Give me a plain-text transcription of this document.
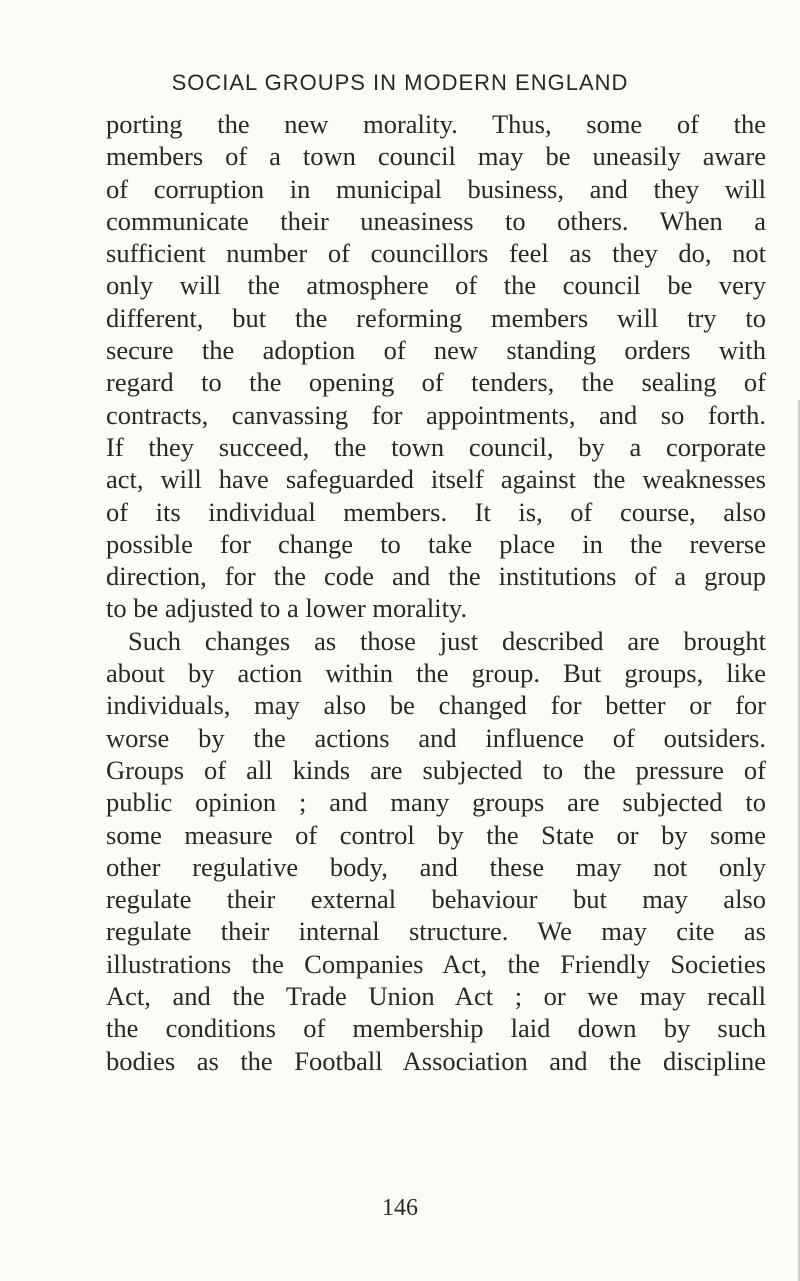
SOCIAL GROUPS IN MODERN ENGLAND

porting the new morality. Thus, some of the
members of a town council may be uneasily aware
of corruption in municipal business, and they will
communicate their uneasiness to others. When a
sufficient number of councillors feel as they do, not
only will the atmosphere of the council be very
different, but the reforming members will try to
secure the adoption of new standing orders with
regard to the opening of tenders, the sealing of
contracts, canvassing for appointments, and so forth.
If they succeed, the town council, by a corporate
act, will have safeguarded itself against the weaknesses
of its individual members. It is, of course, also
possible for change to take place in the reverse
direction, for the code and the institutions of a group
to be adjusted to a lower morality.

Such changes as those just described are brought
about by action within the group. But groups, like
individuals, may also be changed for better or for
worse by the actions and influence of outsiders.
Groups of all kinds are subjected to the pressure of
public opinion ; and many groups are subjected to
some measure of control by the State or by some
other regulative body, and these may not only
regulate their external behaviour but may also
regulate their internal structure. We may cite as
illustrations the Companies Act, the Friendly Societies
Act, and the Trade Union Act ; or we may recall
the conditions of membership laid down by such
bodies as the Football Association and the discipline

146
